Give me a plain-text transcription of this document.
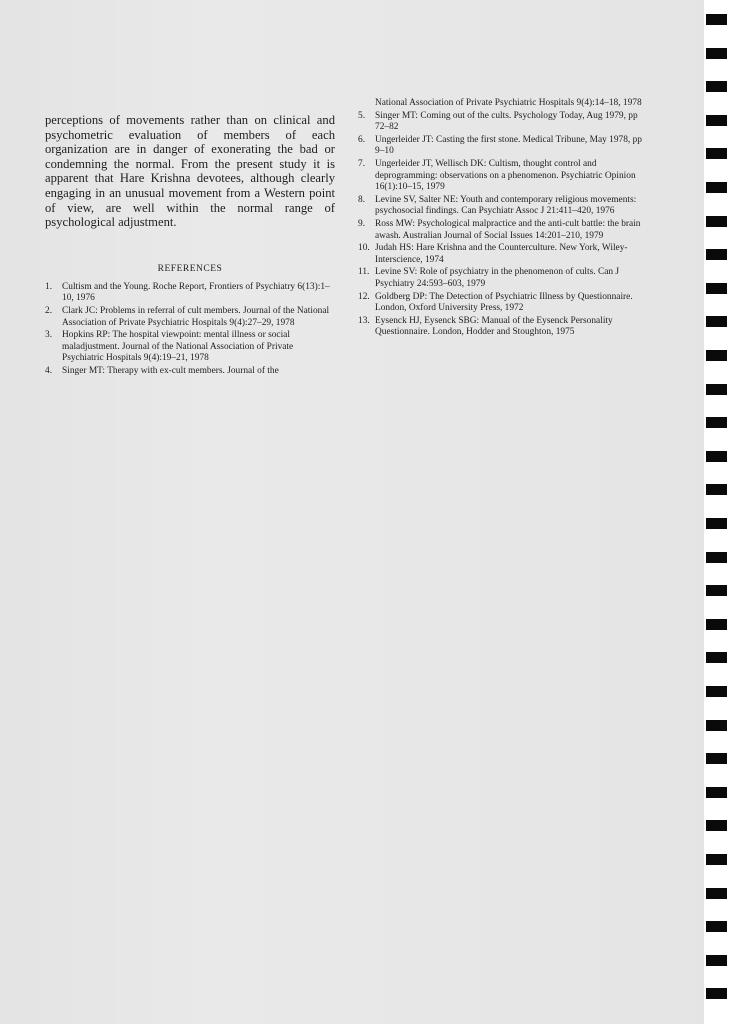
perceptions of movements rather than on clinical and psychometric evaluation of members of each organization are in danger of exonerating the bad or condemning the normal. From the present study it is apparent that Hare Krishna devotees, although clearly engaging in an unusual movement from a Western point of view, are well within the normal range of psychological adjustment.

REFERENCES
1. Cultism and the Young. Roche Report, Frontiers of Psychiatry 6(13):1–10, 1976
2. Clark JC: Problems in referral of cult members. Journal of the National Association of Private Psychiatric Hospitals 9(4):27–29, 1978
3. Hopkins RP: The hospital viewpoint: mental illness or social maladjustment. Journal of the National Association of Private Psychiatric Hospitals 9(4):19–21, 1978
4. Singer MT: Therapy with ex-cult members. Journal of the
National Association of Private Psychiatric Hospitals 9(4):14–18, 1978
5. Singer MT: Coming out of the cults. Psychology Today, Aug 1979, pp 72–82
6. Ungerleider JT: Casting the first stone. Medical Tribune, May 1978, pp 9–10
7. Ungerleider JT, Wellisch DK: Cultism, thought control and deprogramming: observations on a phenomenon. Psychiatric Opinion 16(1):10–15, 1979
8. Levine SV, Salter NE: Youth and contemporary religious movements: psychosocial findings. Can Psychiatr Assoc J 21:411–420, 1976
9. Ross MW: Psychological malpractice and the anti-cult battle: the brain awash. Australian Journal of Social Issues 14:201–210, 1979
10. Judah HS: Hare Krishna and the Counterculture. New York, Wiley-Interscience, 1974
11. Levine SV: Role of psychiatry in the phenomenon of cults. Can J Psychiatry 24:593–603, 1979
12. Goldberg DP: The Detection of Psychiatric Illness by Questionnaire. London, Oxford University Press, 1972
13. Eysenck HJ, Eysenck SBG: Manual of the Eysenck Personality Questionnaire. London, Hodder and Stoughton, 1975
